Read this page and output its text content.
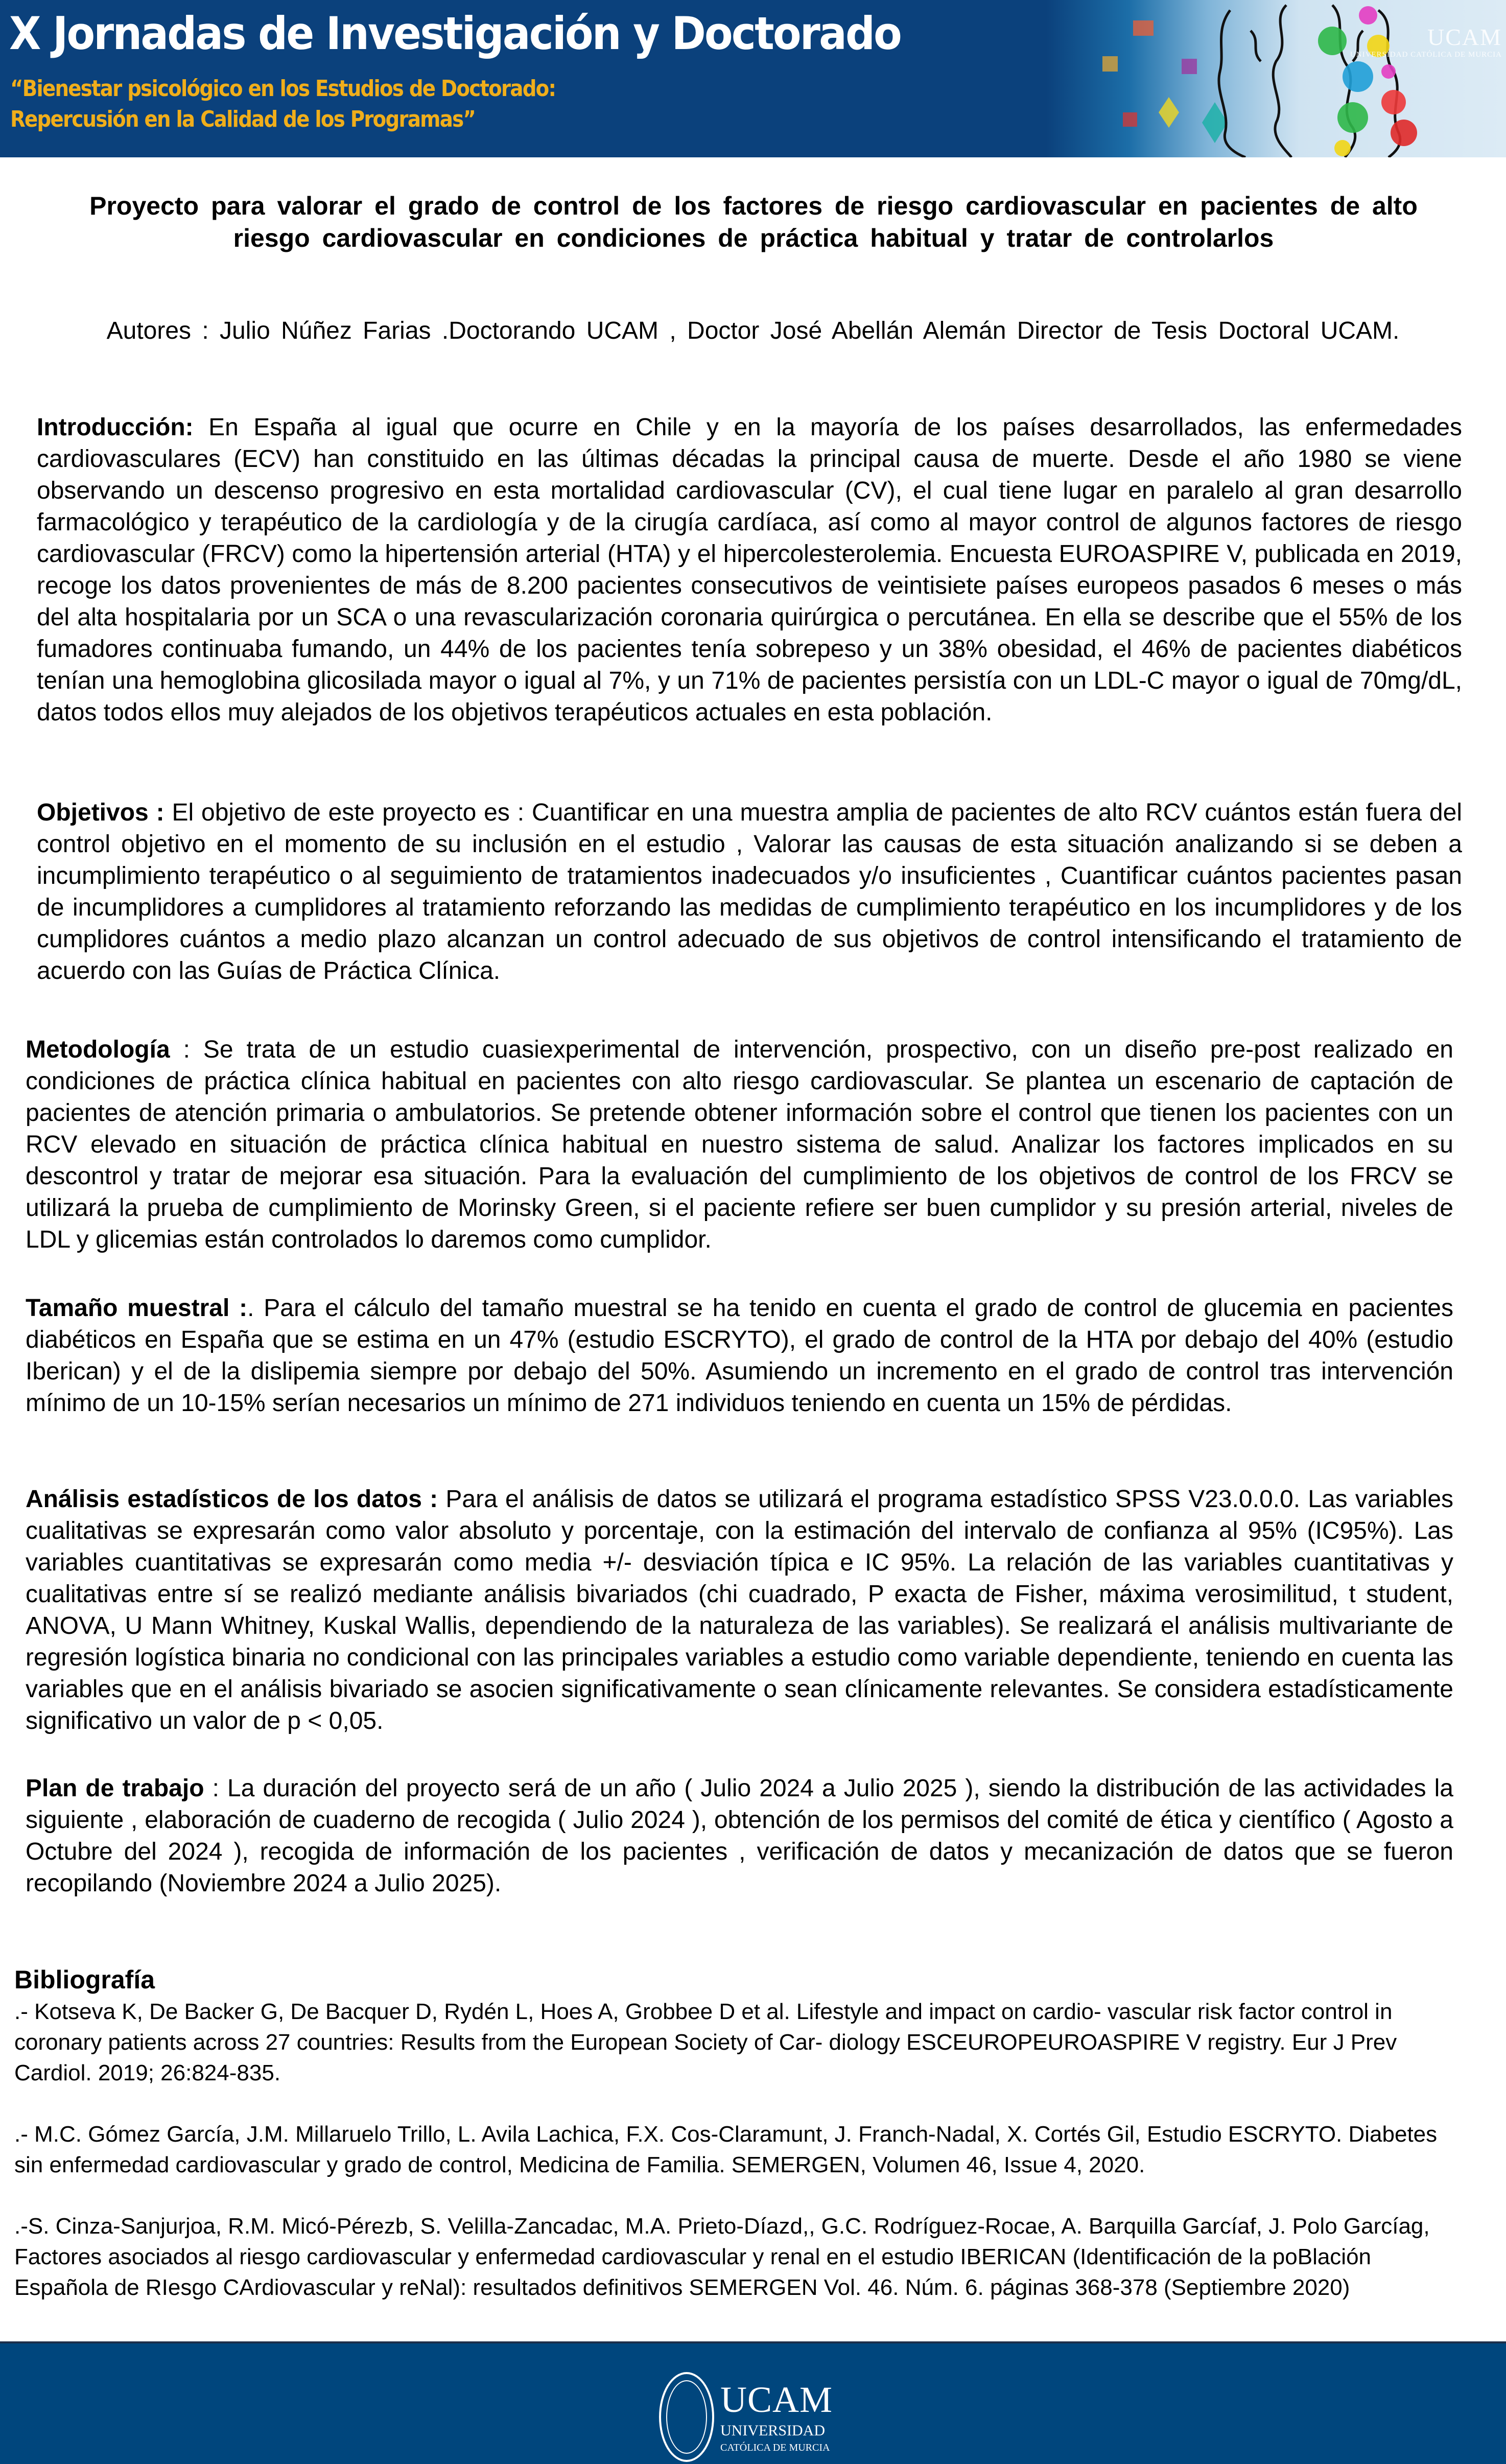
UCAM
UNIVERSIDAD CATÓLICA DE MURCIA
X Jornadas de Investigación y Doctorado
“Bienestar psicológico en los Estudios de Doctorado:
Repercusión en la Calidad de los Programas”
Proyecto para valorar el grado de control de los factores de riesgo cardiovascular en pacientes de alto riesgo cardiovascular en condiciones de práctica habitual y tratar de controlarlos
Autores : Julio Núñez Farias .Doctorando UCAM , Doctor José Abellán Alemán Director de Tesis Doctoral UCAM.
Introducción: En España al igual que ocurre en Chile y en la mayoría de los países desarrollados, las enfermedades cardiovasculares (ECV) han constituido en las últimas décadas la principal causa de muerte. Desde el año 1980 se viene observando un descenso progresivo en esta mortalidad cardiovascular (CV), el cual tiene lugar en paralelo al gran desarrollo farmacológico y terapéutico de la cardiología y de la cirugía cardíaca, así como al mayor control de algunos factores de riesgo cardiovascular (FRCV) como la hipertensión arterial (HTA) y el hipercolesterolemia. Encuesta EUROASPIRE V, publicada en 2019, recoge los datos provenientes de más de 8.200 pacientes consecutivos de veintisiete países europeos pasados 6 meses o más del alta hospitalaria por un SCA o una revascularización coronaria quirúrgica o percutánea. En ella se describe que el 55% de los fumadores continuaba fumando, un 44% de los pacientes tenía sobrepeso y un 38% obesidad, el 46% de pacientes diabéticos tenían una hemoglobina glicosilada mayor o igual al 7%, y un 71% de pacientes persistía con un LDL-C mayor o igual de 70mg/dL, datos todos ellos muy alejados de los objetivos terapéuticos actuales en esta población.
Objetivos : El objetivo de este proyecto es : Cuantificar en una muestra amplia de pacientes de alto RCV cuántos están fuera del control objetivo en el momento de su inclusión en el estudio , Valorar las causas de esta situación analizando si se deben a incumplimiento terapéutico o al seguimiento de tratamientos inadecuados y/o insuficientes , Cuantificar cuántos pacientes pasan de incumplidores a cumplidores al tratamiento reforzando las medidas de cumplimiento terapéutico en los incumplidores y de los cumplidores cuántos a medio plazo alcanzan un control adecuado de sus objetivos de control intensificando el tratamiento de acuerdo con las Guías de Práctica Clínica.
Metodología : Se trata de un estudio cuasiexperimental de intervención, prospectivo, con un diseño pre-post realizado en condiciones de práctica clínica habitual en pacientes con alto riesgo cardiovascular. Se plantea un escenario de captación de pacientes de atención primaria o ambulatorios. Se pretende obtener información sobre el control que tienen los pacientes con un RCV elevado en situación de práctica clínica habitual en nuestro sistema de salud. Analizar los factores implicados en su descontrol y tratar de mejorar esa situación. Para la evaluación del cumplimiento de los objetivos de control de los FRCV se utilizará la prueba de cumplimiento de Morinsky Green, si el paciente refiere ser buen cumplidor y su presión arterial, niveles de LDL y glicemias están controlados lo daremos como cumplidor.
Tamaño muestral :. Para el cálculo del tamaño muestral se ha tenido en cuenta el grado de control de glucemia en pacientes diabéticos en España que se estima en un 47% (estudio ESCRYTO), el grado de control de la HTA por debajo del 40% (estudio Iberican) y el de la dislipemia siempre por debajo del 50%. Asumiendo un incremento en el grado de control tras intervención mínimo de un 10-15% serían necesarios un mínimo de 271 individuos teniendo en cuenta un 15% de pérdidas.
Análisis estadísticos de los datos : Para el análisis de datos se utilizará el programa estadístico SPSS V23.0.0.0. Las variables cualitativas se expresarán como valor absoluto y porcentaje, con la estimación del intervalo de confianza al 95% (IC95%). Las variables cuantitativas se expresarán como media +/- desviación típica e IC 95%. La relación de las variables cuantitativas y cualitativas entre sí se realizó mediante análisis bivariados (chi cuadrado, P exacta de Fisher, máxima verosimilitud, t student, ANOVA, U Mann Whitney, Kuskal Wallis, dependiendo de la naturaleza de las variables). Se realizará el análisis multivariante de regresión logística binaria no condicional con las principales variables a estudio como variable dependiente, teniendo en cuenta las variables que en el análisis bivariado se asocien significativamente o sean clínicamente relevantes. Se considera estadísticamente significativo un valor de p < 0,05.
Plan de trabajo : La duración del proyecto será de un año ( Julio 2024 a Julio 2025 ), siendo la distribución de las actividades la siguiente , elaboración de cuaderno de recogida ( Julio 2024 ), obtención de los permisos del comité de ética y científico ( Agosto a Octubre del 2024 ), recogida de información de los pacientes , verificación de datos y mecanización de datos que se fueron recopilando (Noviembre 2024 a Julio 2025).
Bibliografía
.- Kotseva K, De Backer G, De Bacquer D, Rydén L, Hoes A, Grobbee D et al. Lifestyle and impact on cardio- vascular risk factor control in coronary patients across 27 countries: Results from the European Society of Car- diology ESCEUROPEUROASPIRE V registry. Eur J Prev Cardiol. 2019; 26:824-835.
.- M.C. Gómez García, J.M. Millaruelo Trillo, L. Avila Lachica, F.X. Cos-Claramunt, J. Franch-Nadal, X. Cortés Gil, Estudio ESCRYTO. Diabetes sin enfermedad cardiovascular y grado de control, Medicina de Familia. SEMERGEN, Volumen 46, Issue 4, 2020.
.-S. Cinza-Sanjurjoa, R.M. Micó-Pérezb, S. Velilla-Zancadac, M.A. Prieto-Díazd,, G.C. Rodríguez-Rocae, A. Barquilla Garcíaf, J. Polo Garcíag, Factores asociados al riesgo cardiovascular y enfermedad cardiovascular y renal en el estudio IBERICAN (Identificación de la poBlación Española de RIesgo CArdiovascular y reNal): resultados definitivos SEMERGEN Vol. 46. Núm. 6. páginas 368-378 (Septiembre 2020)
UCAM
UNIVERSIDAD
CATÓLICA DE MURCIA
